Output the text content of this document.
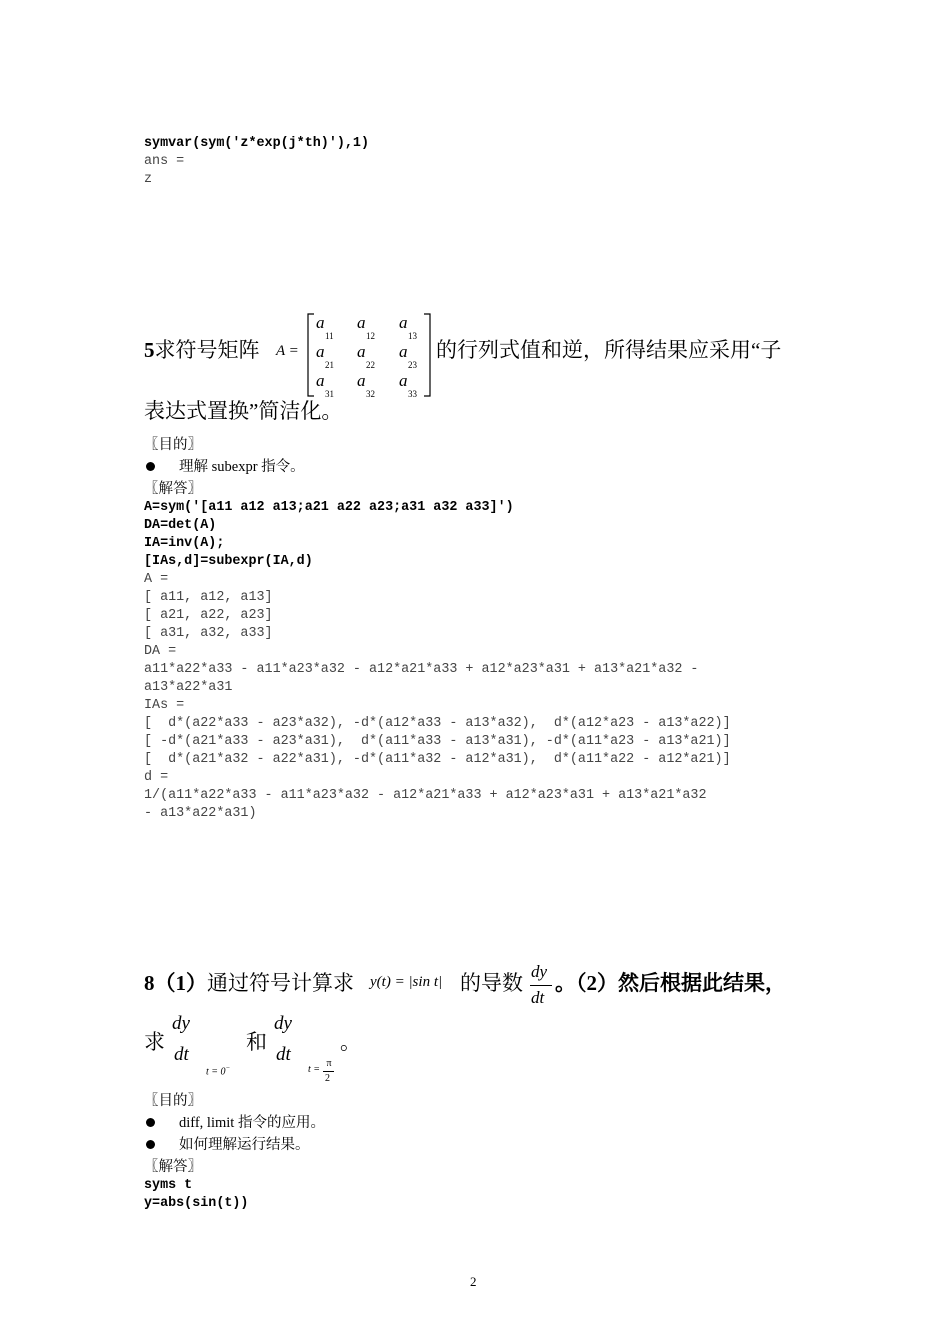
symvar(sym('z*exp(j*th)'),1)
ans =
z
5求符号矩阵 A =
a
11
a
12
a
13
a
21
a
22
a
23
a
31
a
32
a
33
的行列式值和逆，所得结果应采用“子
表达式置换”简洁化。
〖目的〗
理解 subexpr 指令。
〖解答〗
A=sym('[a11 a12 a13;a21 a22 a23;a31 a32 a33]')
DA=det(A)
IA=inv(A);
[IAs,d]=subexpr(IA,d)
A =
[ a11, a12, a13]
[ a21, a22, a23]
[ a31, a32, a33]
DA =
a11*a22*a33 - a11*a23*a32 - a12*a21*a33 + a12*a23*a31 + a13*a21*a32 -
a13*a22*a31
IAs =
[  d*(a22*a33 - a23*a32), -d*(a12*a33 - a13*a32),  d*(a12*a23 - a13*a22)]
[ -d*(a21*a33 - a23*a31),  d*(a11*a33 - a13*a31), -d*(a11*a23 - a13*a21)]
[  d*(a21*a32 - a22*a31), -d*(a11*a32 - a12*a31),  d*(a11*a22 - a12*a21)]
d =
1/(a11*a22*a33 - a11*a23*a32 - a12*a21*a33 + a12*a23*a31 + a13*a21*a32
- a13*a22*a31)
8（1）通过符号计算求 y(t) = |sin t| 的导数 dy
dt
。（2）然后根据此结果，
求
dy
dt
t = 0−
和
dy
dt
t =
π
2
。
〖目的〗
diff, limit 指令的应用。
如何理解运行结果。
〖解答〗
syms t
y=abs(sin(t))
2
